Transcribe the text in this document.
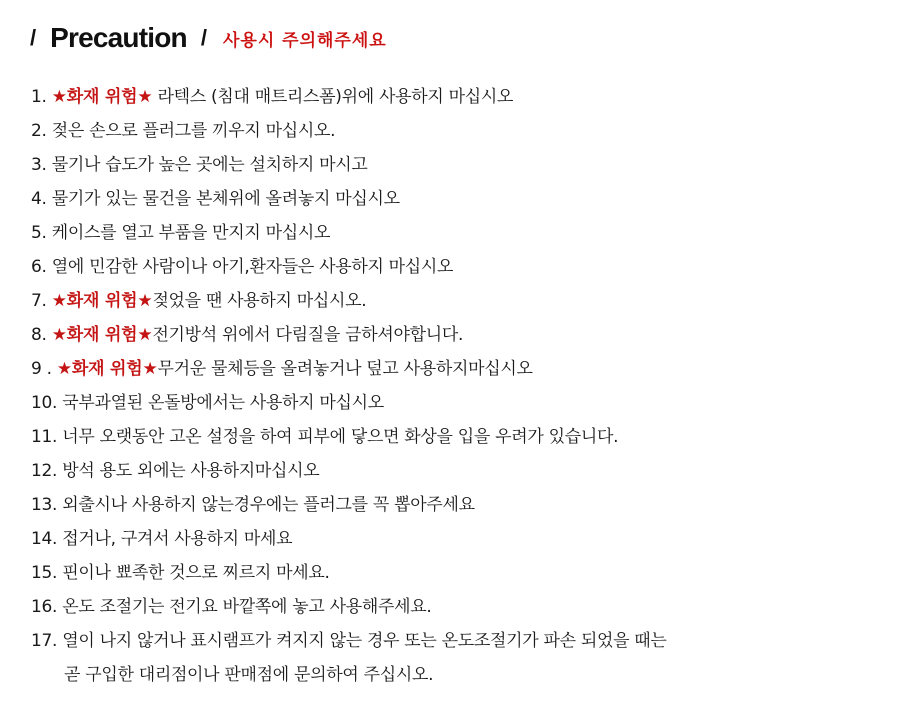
/ Precaution / 사용시 주의해주세요
1. ★화재 위험★ 라텍스 (침대 매트리스폼)위에 사용하지 마십시오
2. 젖은 손으로 플러그를 끼우지 마십시오.
3. 물기나 습도가 높은 곳에는 설치하지 마시고
4. 물기가 있는 물건을 본체위에 올려놓지 마십시오
5. 케이스를 열고 부품을 만지지 마십시오
6. 열에 민감한 사람이나 아기,환자들은 사용하지 마십시오
7. ★화재 위험★젖었을 땐 사용하지 마십시오.
8. ★화재 위험★전기방석 위에서 다림질을 금하셔야합니다.
9 . ★화재 위험★무거운 물체등을 올려놓거나 덮고 사용하지마십시오
10. 국부과열된 온돌방에서는 사용하지 마십시오
11. 너무 오랫동안 고온 설정을 하여 피부에 닿으면 화상을 입을 우려가 있습니다.
12. 방석 용도 외에는 사용하지마십시오
13. 외출시나 사용하지 않는경우에는 플러그를 꼭 뽑아주세요
14. 접거나, 구겨서 사용하지 마세요
15. 핀이나 뾰족한 것으로 찌르지 마세요.
16. 온도 조절기는 전기요 바깥쪽에 놓고 사용해주세요.
17. 열이 나지 않거나 표시램프가 켜지지 않는 경우 또는 온도조절기가 파손 되었을 때는
곧 구입한 대리점이나 판매점에 문의하여 주십시오.
